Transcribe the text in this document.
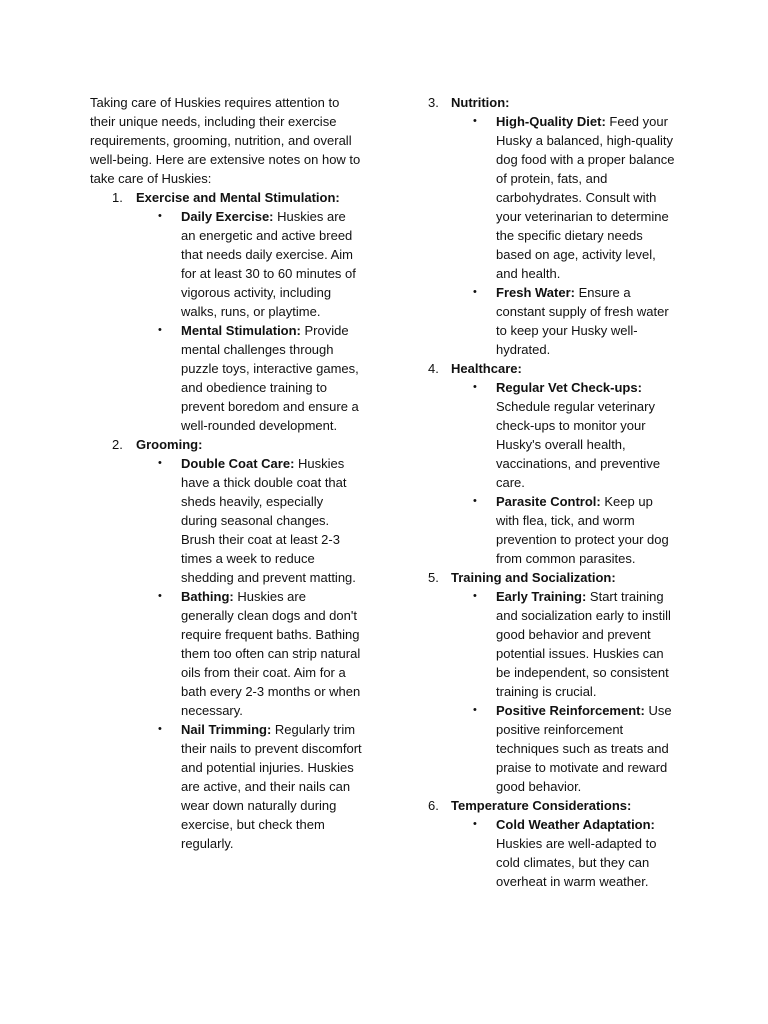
Taking care of Huskies requires attention to their unique needs, including their exercise requirements, grooming, nutrition, and overall well-being. Here are extensive notes on how to take care of Huskies:

1. Exercise and Mental Stimulation:
• Daily Exercise: Huskies are an energetic and active breed that needs daily exercise. Aim for at least 30 to 60 minutes of vigorous activity, including walks, runs, or playtime.
• Mental Stimulation: Provide mental challenges through puzzle toys, interactive games, and obedience training to prevent boredom and ensure a well-rounded development.
2. Grooming:
• Double Coat Care: Huskies have a thick double coat that sheds heavily, especially during seasonal changes. Brush their coat at least 2-3 times a week to reduce shedding and prevent matting.
• Bathing: Huskies are generally clean dogs and don't require frequent baths. Bathing them too often can strip natural oils from their coat. Aim for a bath every 2-3 months or when necessary.
• Nail Trimming: Regularly trim their nails to prevent discomfort and potential injuries. Huskies are active, and their nails can wear down naturally during exercise, but check them regularly.
3. Nutrition:
• High-Quality Diet: Feed your Husky a balanced, high-quality dog food with a proper balance of protein, fats, and carbohydrates. Consult with your veterinarian to determine the specific dietary needs based on age, activity level, and health.
• Fresh Water: Ensure a constant supply of fresh water to keep your Husky well-hydrated.
4. Healthcare:
• Regular Vet Check-ups: Schedule regular veterinary check-ups to monitor your Husky's overall health, vaccinations, and preventive care.
• Parasite Control: Keep up with flea, tick, and worm prevention to protect your dog from common parasites.
5. Training and Socialization:
• Early Training: Start training and socialization early to instill good behavior and prevent potential issues. Huskies can be independent, so consistent training is crucial.
• Positive Reinforcement: Use positive reinforcement techniques such as treats and praise to motivate and reward good behavior.
6. Temperature Considerations:
• Cold Weather Adaptation: Huskies are well-adapted to cold climates, but they can overheat in warm weather.
